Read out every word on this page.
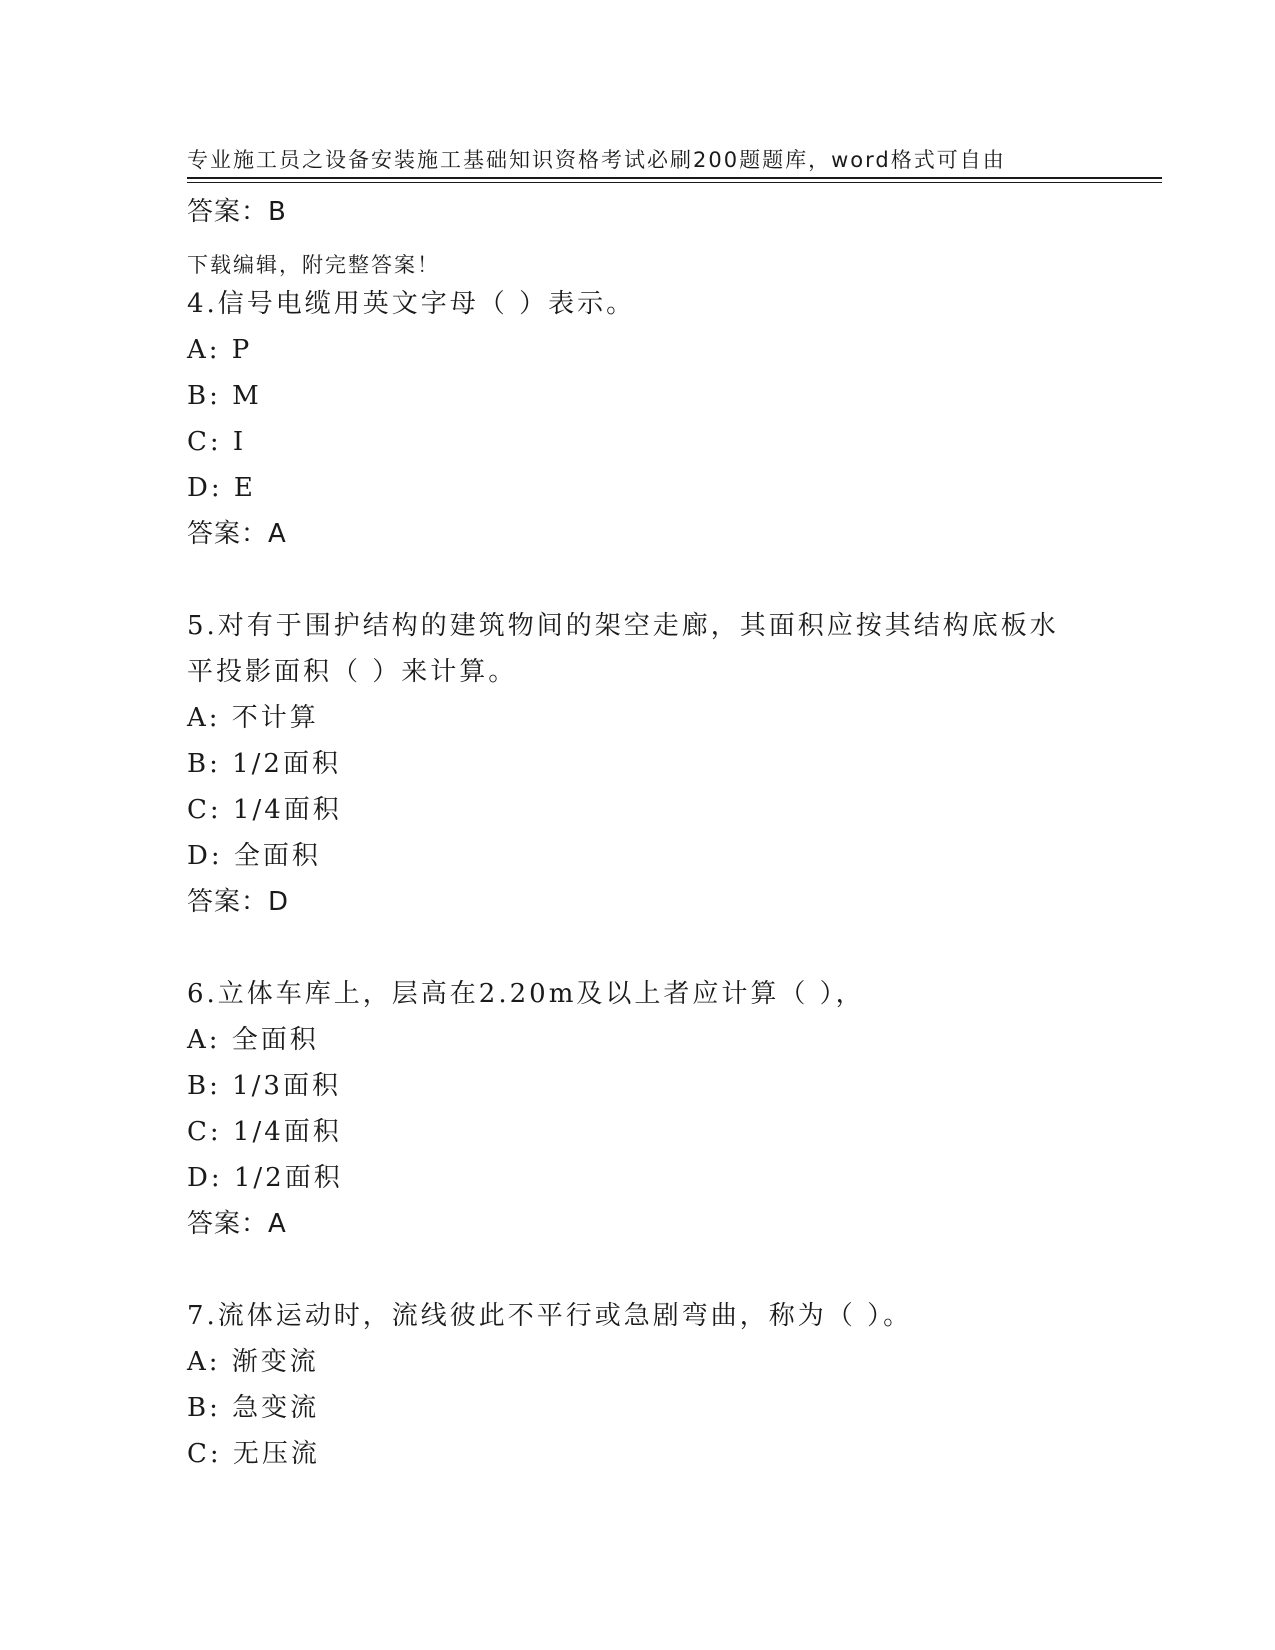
专业施工员之设备安装施工基础知识资格考试必刷200题题库，word格式可自由

下载编辑，附完整答案！

答案：B
4.信号电缆用英文字母（ ）表示。
A: P
B: M
C: I
D: E
答案：A
5.对有于围护结构的建筑物间的架空走廊，其面积应按其结构底板水
平投影面积（ ）来计算。
A: 不计算
B: 1/2面积
C: 1/4面积
D: 全面积
答案：D
6.立体车库上，层高在2.20m及以上者应计算（ ），
A: 全面积
B: 1/3面积
C: 1/4面积
D: 1/2面积
答案：A
7.流体运动时，流线彼此不平行或急剧弯曲，称为（ ）。
A: 渐变流
B: 急变流
C: 无压流
